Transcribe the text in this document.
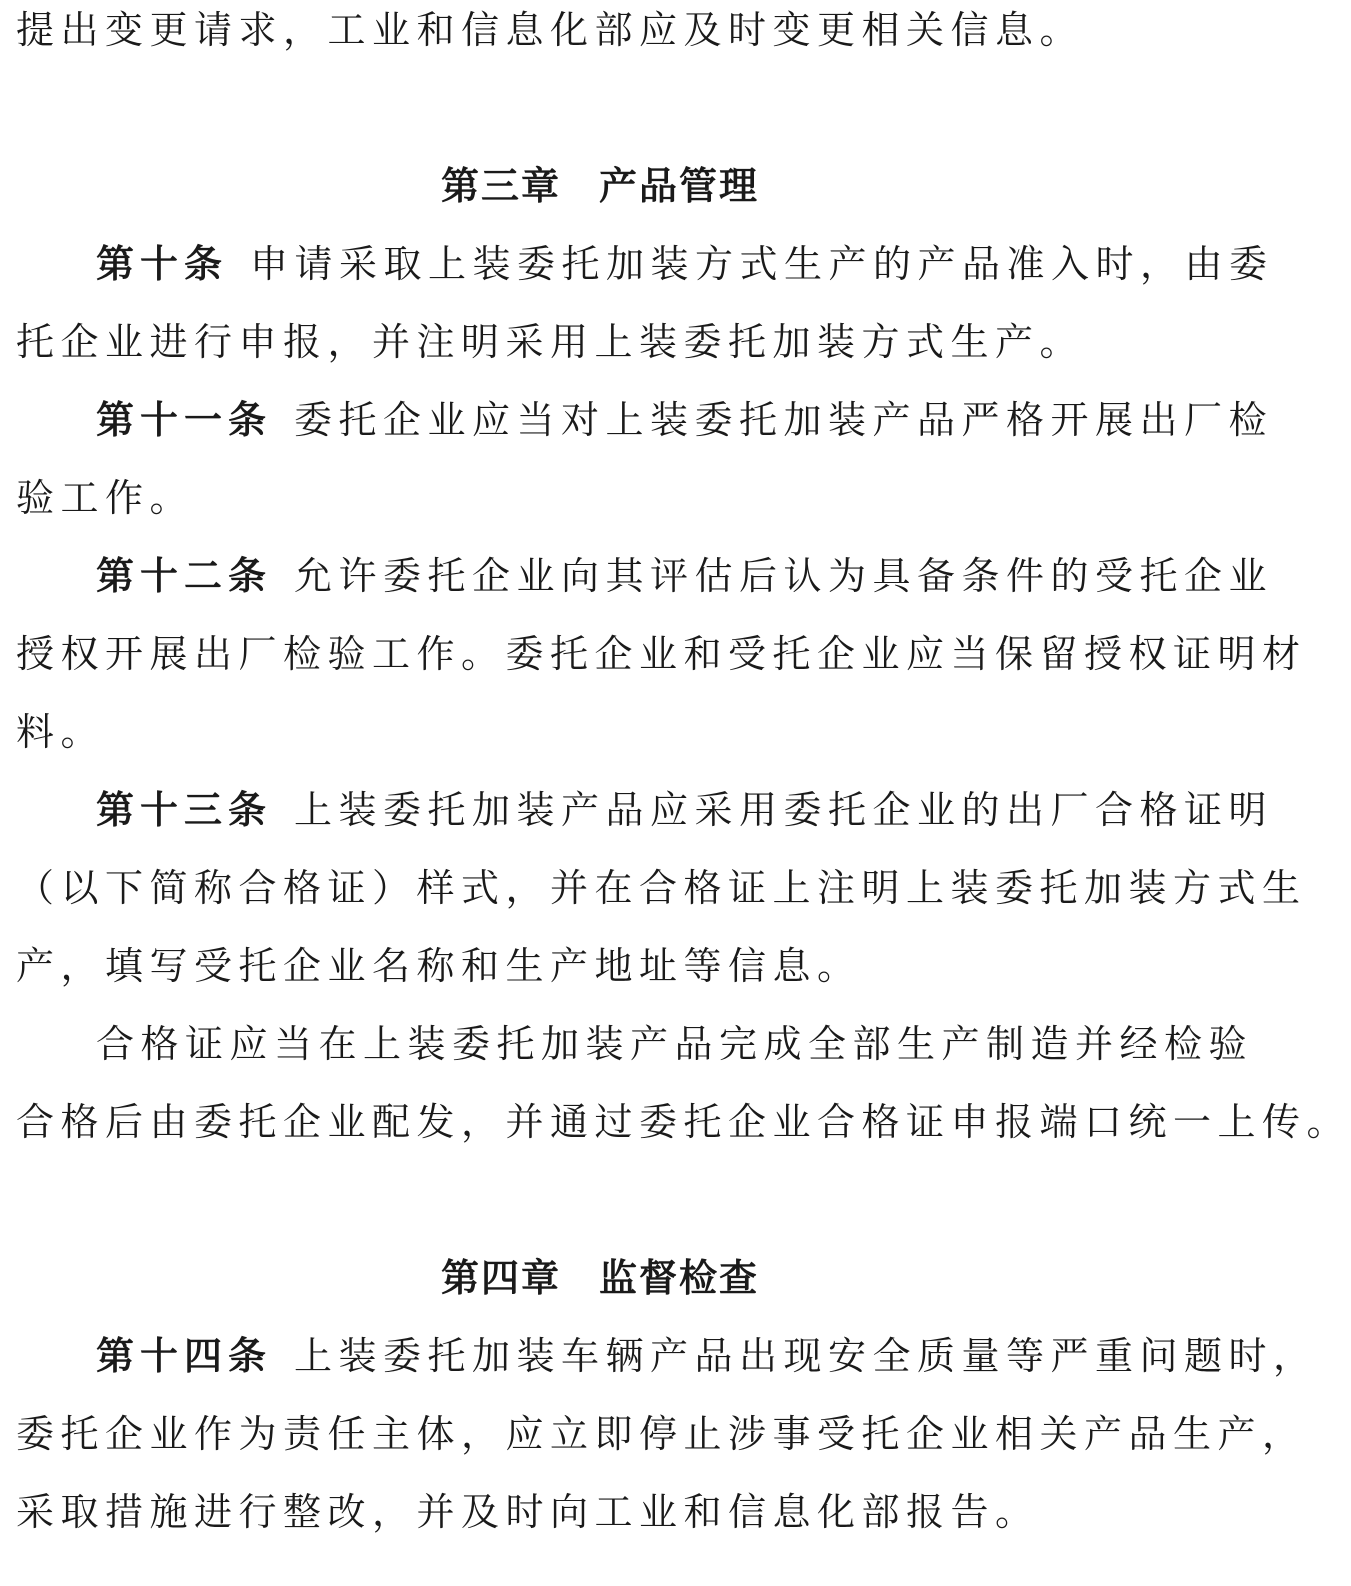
提出变更请求，工业和信息化部应及时变更相关信息。
第三章 产品管理
第十条 申请采取上装委托加装方式生产的产品准入时，由委
托企业进行申报，并注明采用上装委托加装方式生产。
第十一条 委托企业应当对上装委托加装产品严格开展出厂检
验工作。
第十二条 允许委托企业向其评估后认为具备条件的受托企业
授权开展出厂检验工作。委托企业和受托企业应当保留授权证明材
料。
第十三条 上装委托加装产品应采用委托企业的出厂合格证明
（以下简称合格证）样式，并在合格证上注明上装委托加装方式生
产，填写受托企业名称和生产地址等信息。
合格证应当在上装委托加装产品完成全部生产制造并经检验
合格后由委托企业配发，并通过委托企业合格证申报端口统一上传。
第四章 监督检查
第十四条 上装委托加装车辆产品出现安全质量等严重问题时，
委托企业作为责任主体，应立即停止涉事受托企业相关产品生产，
采取措施进行整改，并及时向工业和信息化部报告。
